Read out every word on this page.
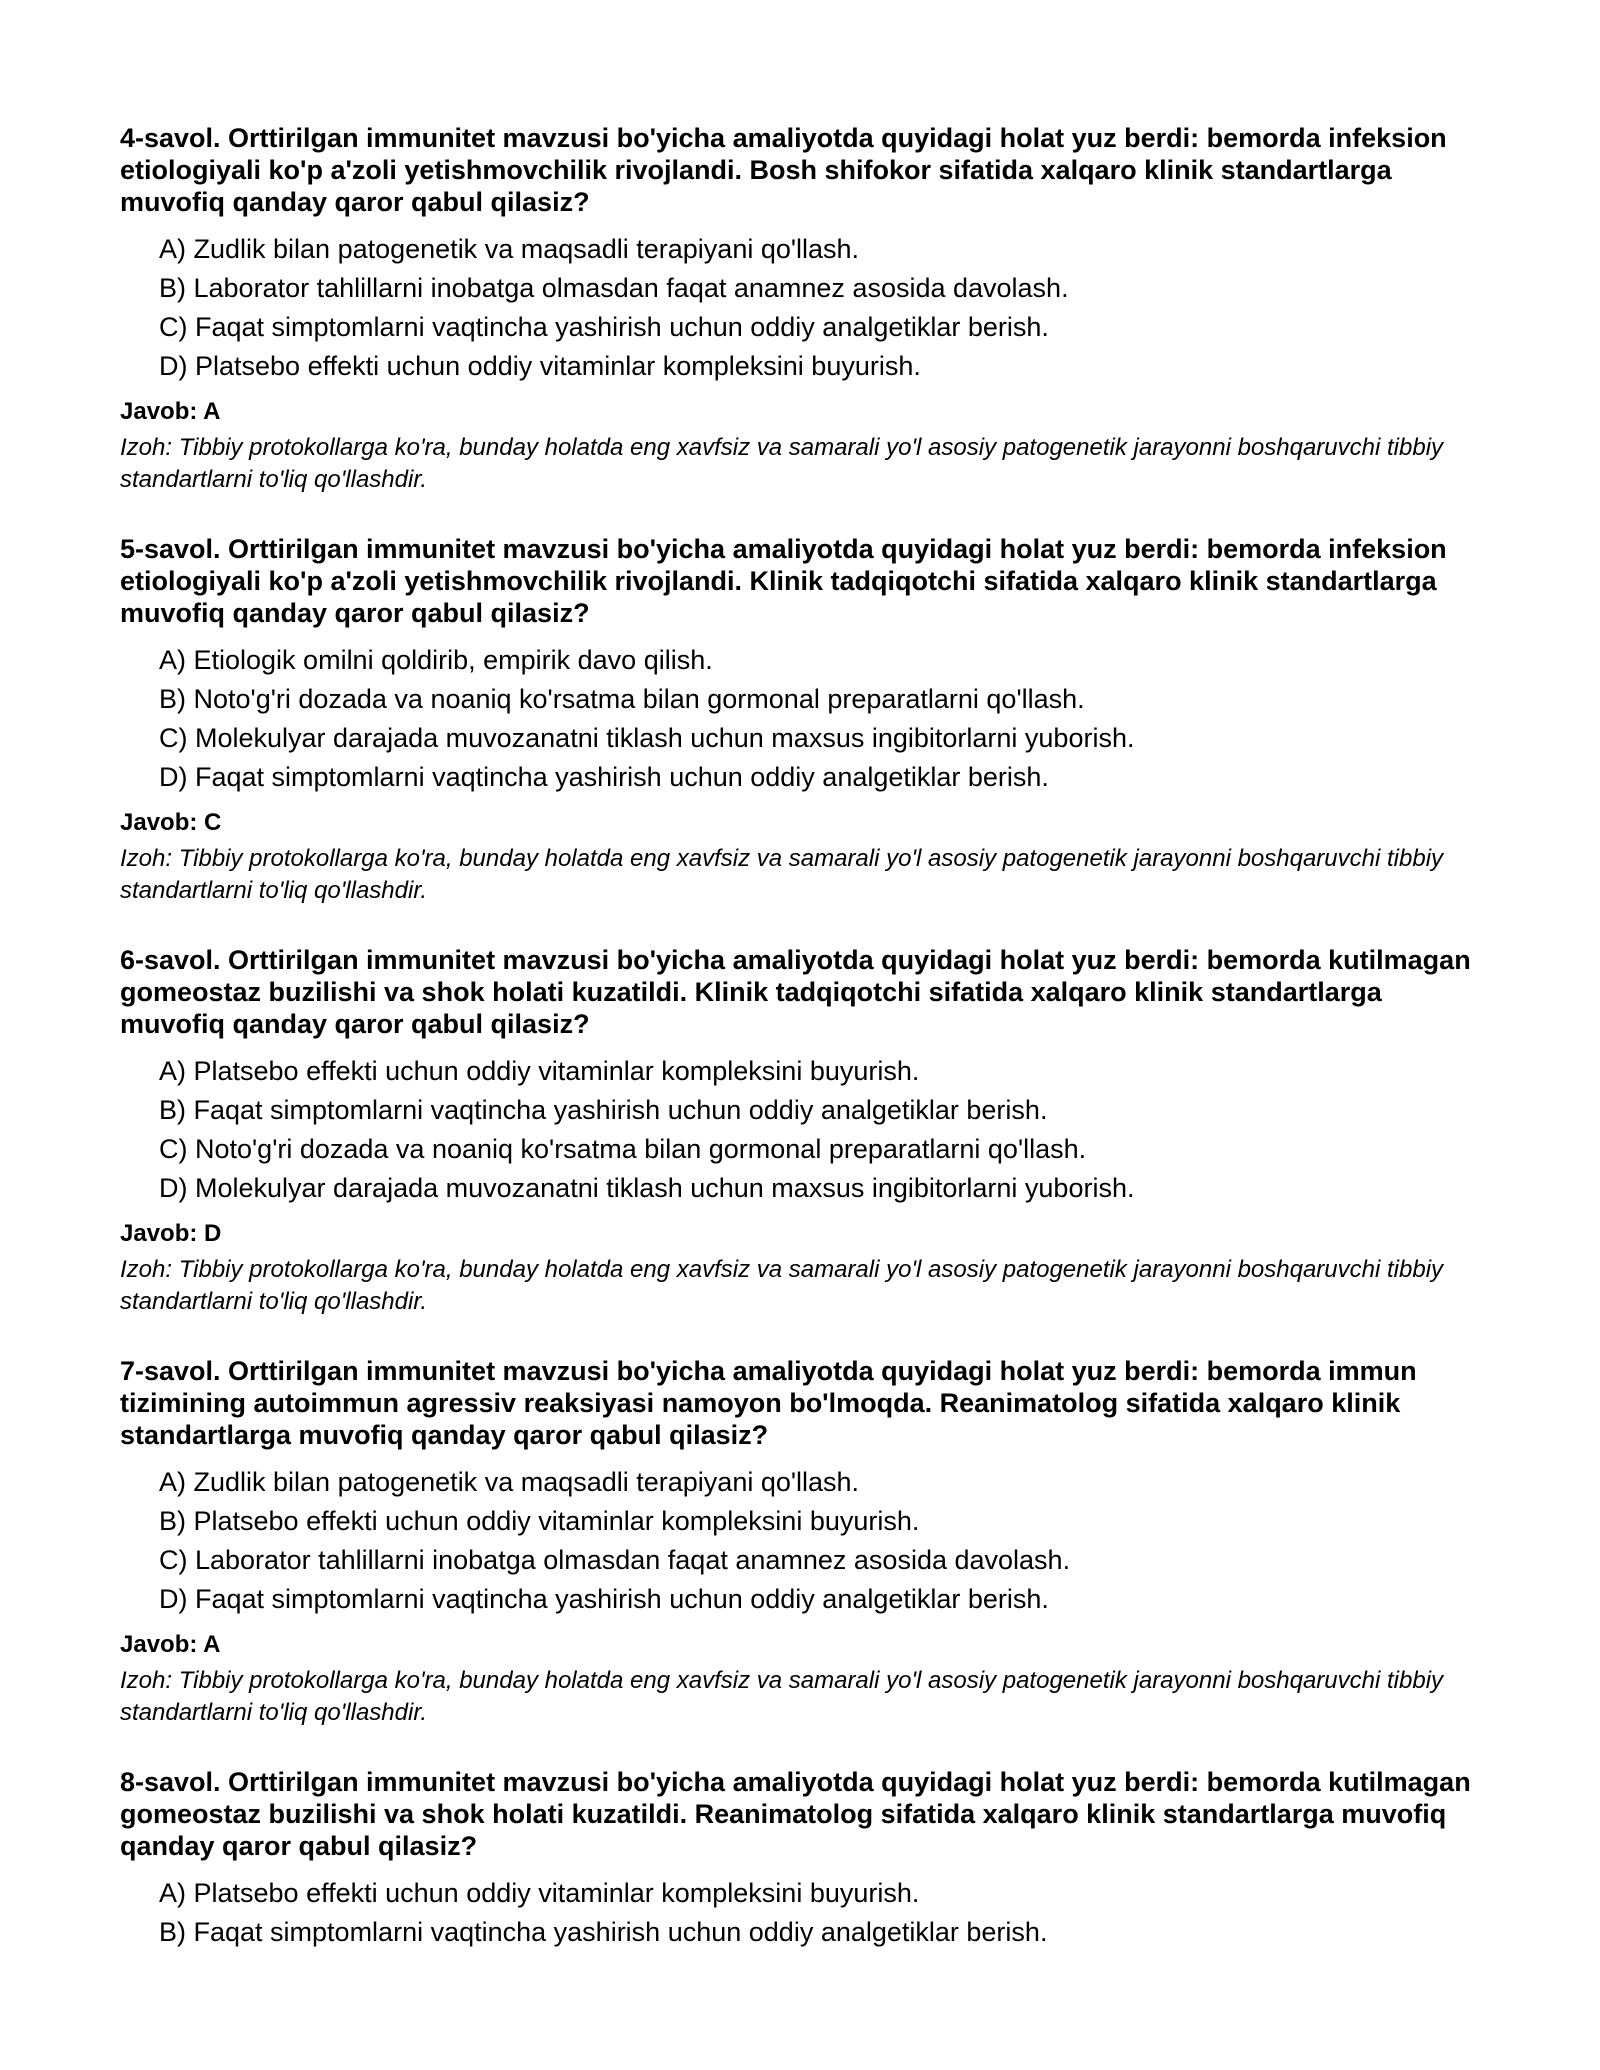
4-savol. Orttirilgan immunitet mavzusi bo'yicha amaliyotda quyidagi holat yuz berdi: bemorda infeksion etiologiyali ko'p a'zoli yetishmovchilik rivojlandi. Bosh shifokor sifatida xalqaro klinik standartlarga muvofiq qanday qaror qabul qilasiz?

A) Zudlik bilan patogenetik va maqsadli terapiyani qo'llash.
B) Laborator tahlillarni inobatga olmasdan faqat anamnez asosida davolash.
C) Faqat simptomlarni vaqtincha yashirish uchun oddiy analgetiklar berish.
D) Platsebo effekti uchun oddiy vitaminlar kompleksini buyurish.

Javob: A

Izoh: Tibbiy protokollarga ko'ra, bunday holatda eng xavfsiz va samarali yo'l asosiy patogenetik jarayonni boshqaruvchi tibbiy standartlarni to'liq qo'llashdir.

5-savol. Orttirilgan immunitet mavzusi bo'yicha amaliyotda quyidagi holat yuz berdi: bemorda infeksion etiologiyali ko'p a'zoli yetishmovchilik rivojlandi. Klinik tadqiqotchi sifatida xalqaro klinik standartlarga muvofiq qanday qaror qabul qilasiz?

A) Etiologik omilni qoldirib, empirik davo qilish.
B) Noto'g'ri dozada va noaniq ko'rsatma bilan gormonal preparatlarni qo'llash.
C) Molekulyar darajada muvozanatni tiklash uchun maxsus ingibitorlarni yuborish.
D) Faqat simptomlarni vaqtincha yashirish uchun oddiy analgetiklar berish.

Javob: C

Izoh: Tibbiy protokollarga ko'ra, bunday holatda eng xavfsiz va samarali yo'l asosiy patogenetik jarayonni boshqaruvchi tibbiy standartlarni to'liq qo'llashdir.

6-savol. Orttirilgan immunitet mavzusi bo'yicha amaliyotda quyidagi holat yuz berdi: bemorda kutilmagan gomeostaz buzilishi va shok holati kuzatildi. Klinik tadqiqotchi sifatida xalqaro klinik standartlarga muvofiq qanday qaror qabul qilasiz?

A) Platsebo effekti uchun oddiy vitaminlar kompleksini buyurish.
B) Faqat simptomlarni vaqtincha yashirish uchun oddiy analgetiklar berish.
C) Noto'g'ri dozada va noaniq ko'rsatma bilan gormonal preparatlarni qo'llash.
D) Molekulyar darajada muvozanatni tiklash uchun maxsus ingibitorlarni yuborish.

Javob: D

Izoh: Tibbiy protokollarga ko'ra, bunday holatda eng xavfsiz va samarali yo'l asosiy patogenetik jarayonni boshqaruvchi tibbiy standartlarni to'liq qo'llashdir.

7-savol. Orttirilgan immunitet mavzusi bo'yicha amaliyotda quyidagi holat yuz berdi: bemorda immun tizimining autoimmun agressiv reaksiyasi namoyon bo'lmoqda. Reanimatolog sifatida xalqaro klinik standartlarga muvofiq qanday qaror qabul qilasiz?

A) Zudlik bilan patogenetik va maqsadli terapiyani qo'llash.
B) Platsebo effekti uchun oddiy vitaminlar kompleksini buyurish.
C) Laborator tahlillarni inobatga olmasdan faqat anamnez asosida davolash.
D) Faqat simptomlarni vaqtincha yashirish uchun oddiy analgetiklar berish.

Javob: A

Izoh: Tibbiy protokollarga ko'ra, bunday holatda eng xavfsiz va samarali yo'l asosiy patogenetik jarayonni boshqaruvchi tibbiy standartlarni to'liq qo'llashdir.

8-savol. Orttirilgan immunitet mavzusi bo'yicha amaliyotda quyidagi holat yuz berdi: bemorda kutilmagan gomeostaz buzilishi va shok holati kuzatildi. Reanimatolog sifatida xalqaro klinik standartlarga muvofiq qanday qaror qabul qilasiz?

A) Platsebo effekti uchun oddiy vitaminlar kompleksini buyurish.
B) Faqat simptomlarni vaqtincha yashirish uchun oddiy analgetiklar berish.
